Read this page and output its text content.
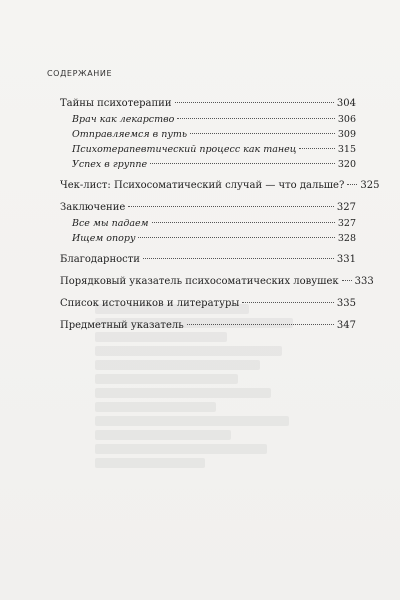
СОДЕРЖАНИЕ
Тайны психотерапии	304
Врач как лекарство	306
Отправляемся в путь	309
Психотерапевтический процесс как танец	315
Успех в группе	320
Чек-лист: Психосоматический случай — что дальше? 325
Заключение	327
Все мы падаем	327
Ищем опору	328
Благодарности	331
Порядковый указатель психосоматических ловушек 333
Список источников и литературы	335
Предметный указатель	347
